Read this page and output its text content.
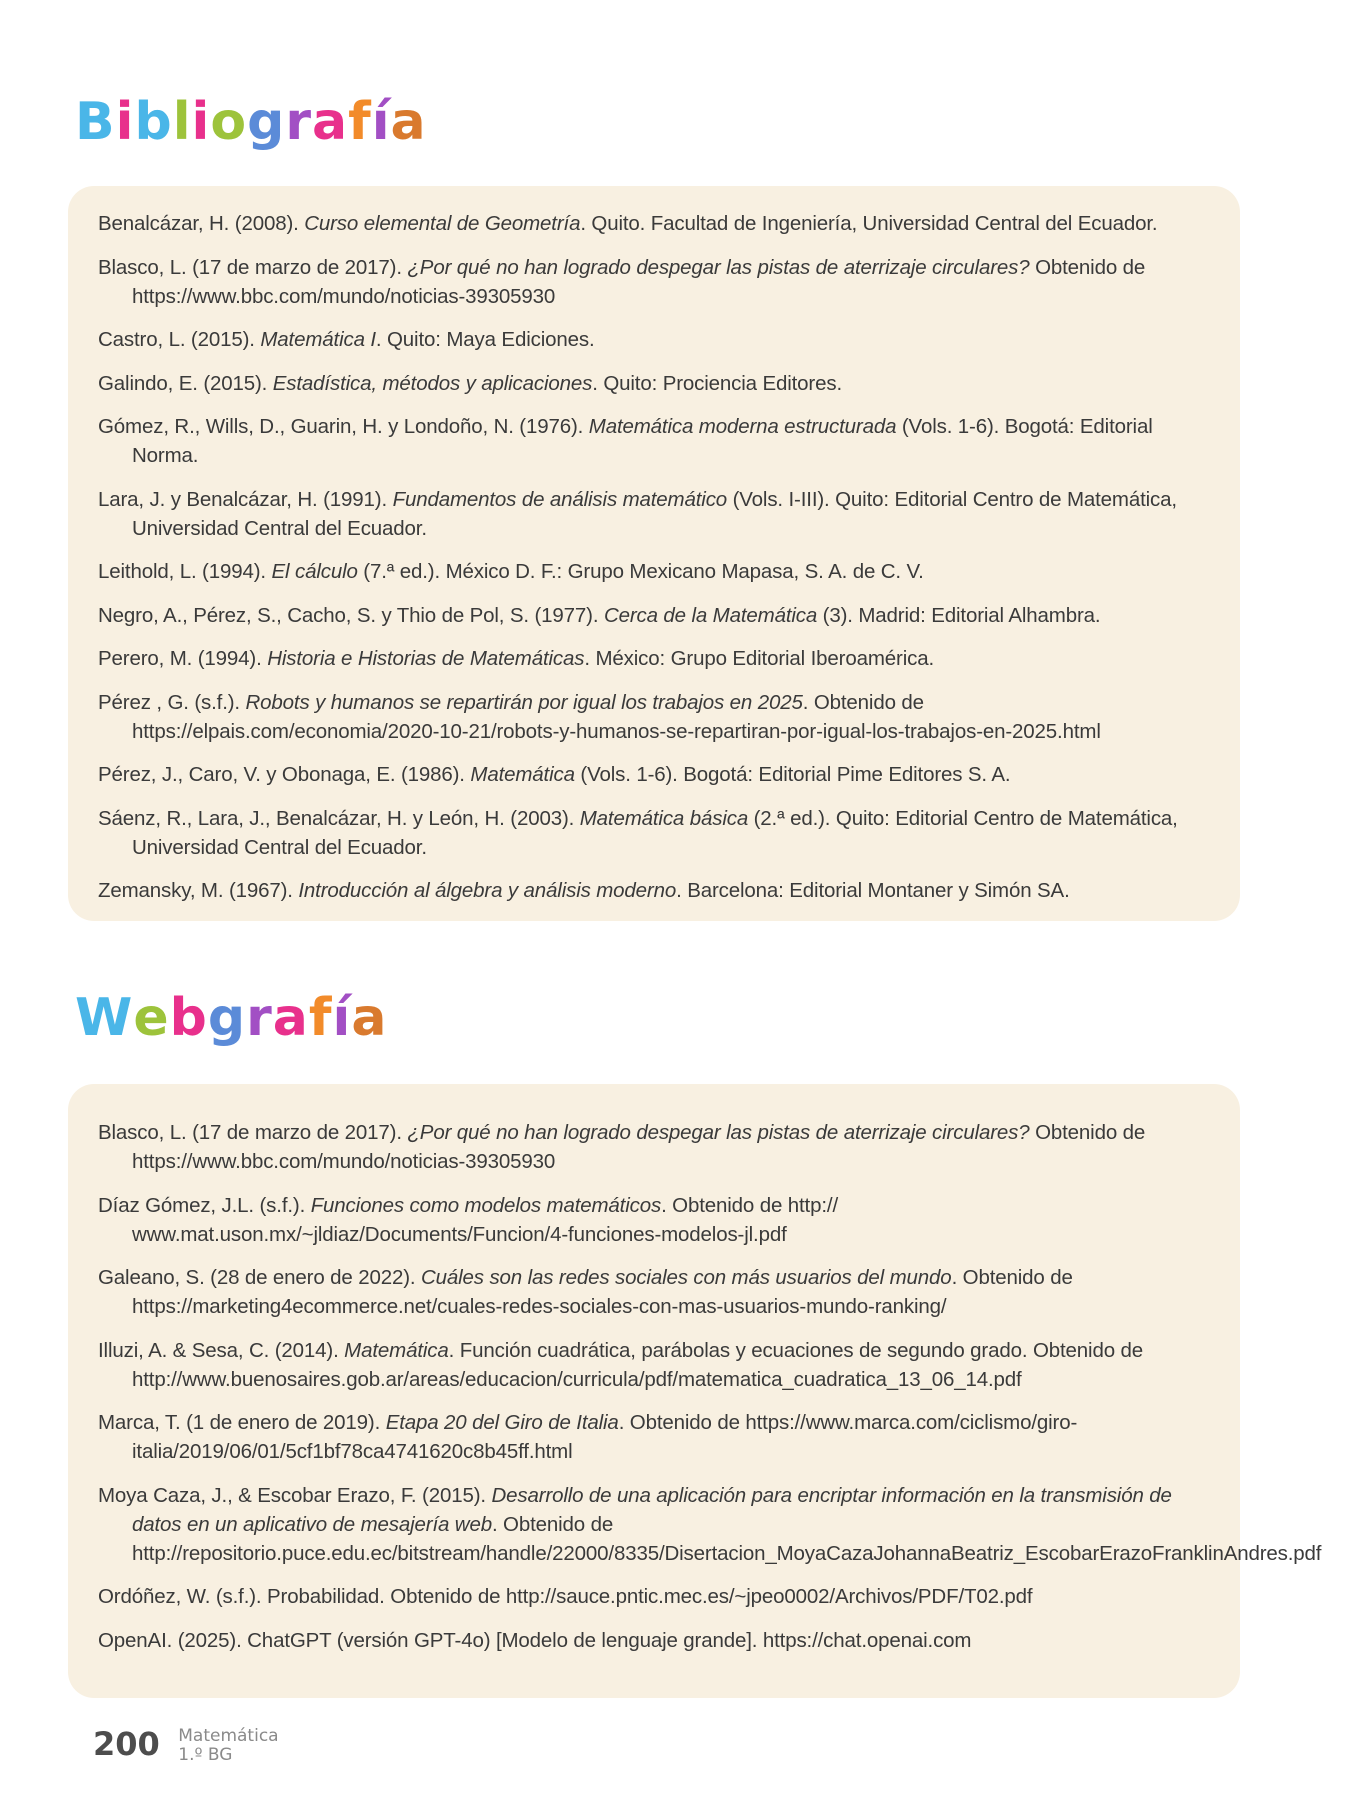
Bibliografía

Benalcázar, H. (2008). Curso elemental de Geometría. Quito. Facultad de Ingeniería, Universidad Central del Ecuador.

Blasco, L. (17 de marzo de 2017). ¿Por qué no han logrado despegar las pistas de aterrizaje circulares? Obtenido de https://www.bbc.com/mundo/noticias-39305930

Castro, L. (2015). Matemática I. Quito: Maya Ediciones.

Galindo, E. (2015). Estadística, métodos y aplicaciones. Quito: Prociencia Editores.

Gómez, R., Wills, D., Guarin, H. y Londoño, N. (1976). Matemática moderna estructurada (Vols. 1-6). Bogotá: Editorial Norma.

Lara, J. y Benalcázar, H. (1991). Fundamentos de análisis matemático (Vols. I-III). Quito: Editorial Centro de Matemática, Universidad Central del Ecuador.

Leithold, L. (1994). El cálculo (7.ª ed.). México D. F.: Grupo Mexicano Mapasa, S. A. de C. V.

Negro, A., Pérez, S., Cacho, S. y Thio de Pol, S. (1977). Cerca de la Matemática (3). Madrid: Editorial Alhambra.

Perero, M. (1994). Historia e Historias de Matemáticas. México: Grupo Editorial Iberoamérica.

Pérez , G. (s.f.). Robots y humanos se repartirán por igual los trabajos en 2025. Obtenido de https://elpais.com/economia/2020-10-21/robots-y-humanos-se-repartiran-por-igual-los-trabajos-en-2025.html

Pérez, J., Caro, V. y Obonaga, E. (1986). Matemática (Vols. 1-6). Bogotá: Editorial Pime Editores S. A.

Sáenz, R., Lara, J., Benalcázar, H. y León, H. (2003). Matemática básica (2.ª ed.). Quito: Editorial Centro de Matemática, Universidad Central del Ecuador.

Zemansky, M. (1967). Introducción al álgebra y análisis moderno. Barcelona: Editorial Montaner y Simón SA.

Webgrafía

Blasco, L. (17 de marzo de 2017). ¿Por qué no han logrado despegar las pistas de aterrizaje circulares? Obtenido de https://www.bbc.com/mundo/noticias-39305930

Díaz Gómez, J.L. (s.f.). Funciones como modelos matemáticos. Obtenido de http:// www.mat.uson.mx/~jldiaz/Documents/Funcion/4-funciones-modelos-jl.pdf

Galeano, S. (28 de enero de 2022). Cuáles son las redes sociales con más usuarios del mundo. Obtenido de https://marketing4ecommerce.net/cuales-redes-sociales-con-mas-usuarios-mundo-ranking/

Illuzi, A. & Sesa, C. (2014). Matemática. Función cuadrática, parábolas y ecuaciones de segundo grado. Obtenido de http://www.buenosaires.gob.ar/areas/educacion/curricula/pdf/matematica_cuadratica_13_06_14.pdf

Marca, T. (1 de enero de 2019). Etapa 20 del Giro de Italia. Obtenido de https://www.marca.com/ciclismo/giro-italia/2019/06/01/5cf1bf78ca4741620c8b45ff.html

Moya Caza, J., & Escobar Erazo, F. (2015). Desarrollo de una aplicación para encriptar información en la transmisión de datos en un aplicativo de mesajería web. Obtenido de http://repositorio.puce.edu.ec/bitstream/handle/22000/8335/Disertacion_MoyaCazaJohannaBeatriz_EscobarErazoFranklinAndres.pdf

Ordóñez, W. (s.f.). Probabilidad. Obtenido de http://sauce.pntic.mec.es/~jpeo0002/Archivos/PDF/T02.pdf

OpenAI. (2025). ChatGPT (versión GPT-4o) [Modelo de lenguaje grande]. https://chat.openai.com

200 Matemática
1.º BG
